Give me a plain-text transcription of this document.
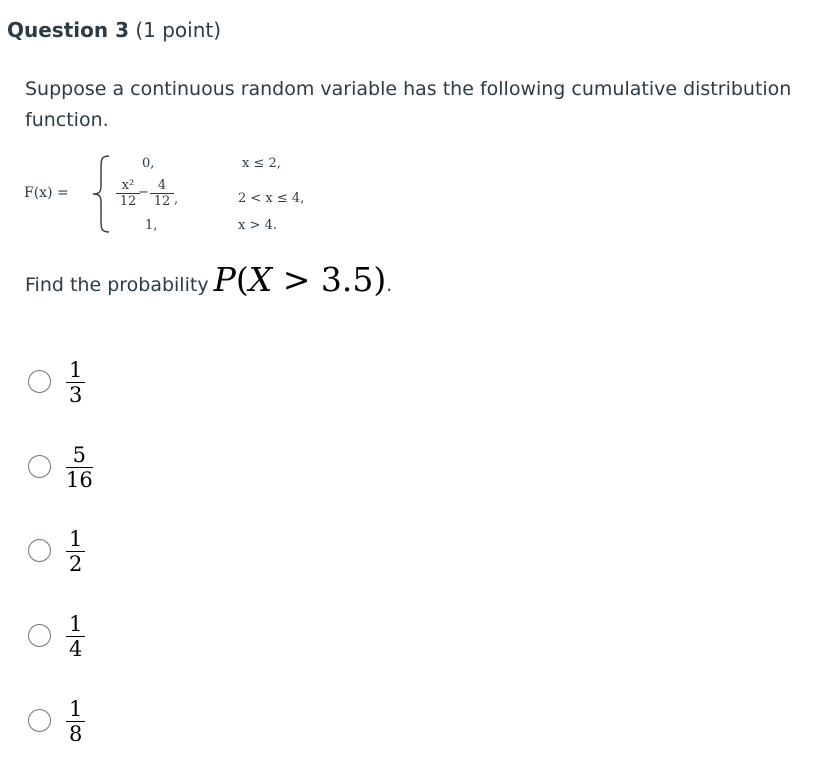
Question 3 (1 point)
Suppose a continuous random variable has the following cumulative distribution function.
F(x) =
0,
$\frac{\text{x²}}{12}$
− $\frac{4}{12}$ ,
1,
x ≤ 2,
2 < x ≤ 4,
x > 4.
Find the probability P(X > 3.5).
$\frac{1}{3}$
$\frac{5}{16}$
$\frac{1}{2}$
$\frac{1}{4}$
$\frac{1}{8}$
